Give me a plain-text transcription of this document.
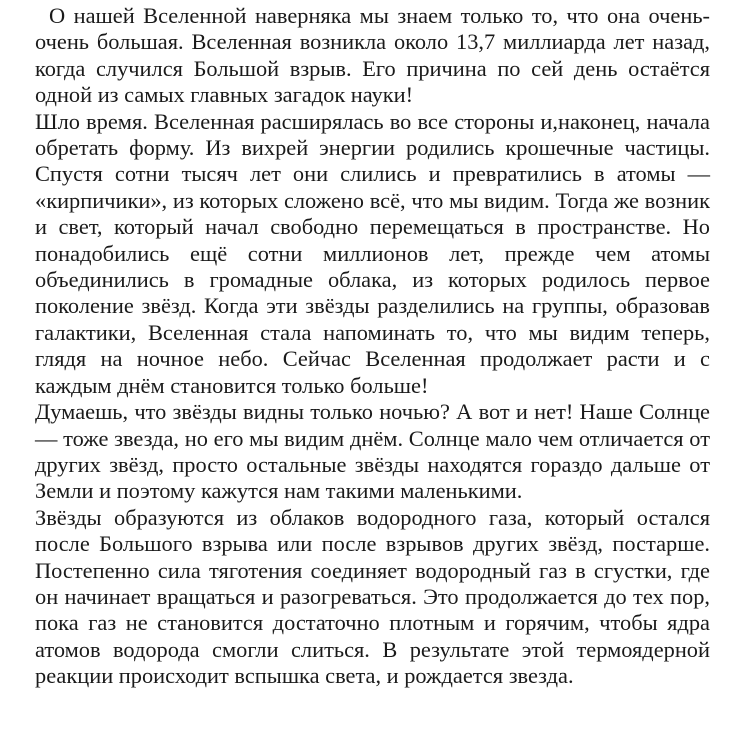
О нашей Вселенной наверняка мы знаем только то, что она очень-очень большая. Вселенная возникла около 13,7 миллиарда лет назад, когда случился Большой взрыв. Его причина по сей день остаётся одной из самых главных загадок науки!

Шло время. Вселенная расширялась во все стороны и,наконец, начала обретать форму. Из вихрей энергии родились крошечные частицы. Спустя сотни тысяч лет они слились и превратились в атомы — «кирпичики», из которых сложено всё, что мы видим. Тогда же возник и свет, который начал свободно перемещаться в пространстве. Но понадобились ещё сотни миллионов лет, прежде чем атомы объединились в громадные облака, из которых родилось первое поколение звёзд. Когда эти звёзды разделились на группы, образовав галактики, Вселенная стала напоминать то, что мы видим теперь, глядя на ночное небо. Сейчас Вселенная продолжает расти и с каждым днём становится только больше!

Думаешь, что звёзды видны только ночью? А вот и нет! Наше Солнце — тоже звезда, но его мы видим днём. Солнце мало чем отличается от других звёзд, просто остальные звёзды находятся гораздо дальше от Земли и поэтому кажутся нам такими маленькими.

Звёзды образуются из облаков водородного газа, который остался после Большого взрыва или после взрывов других звёзд, постарше. Постепенно сила тяготения соединяет водородный газ в сгустки, где он начинает вращаться и разогреваться. Это продолжается до тех пор, пока газ не становится достаточно плотным и горячим, чтобы ядра атомов водорода смогли слиться. В результате этой термоядерной реакции происходит вспышка света, и рождается звезда.
